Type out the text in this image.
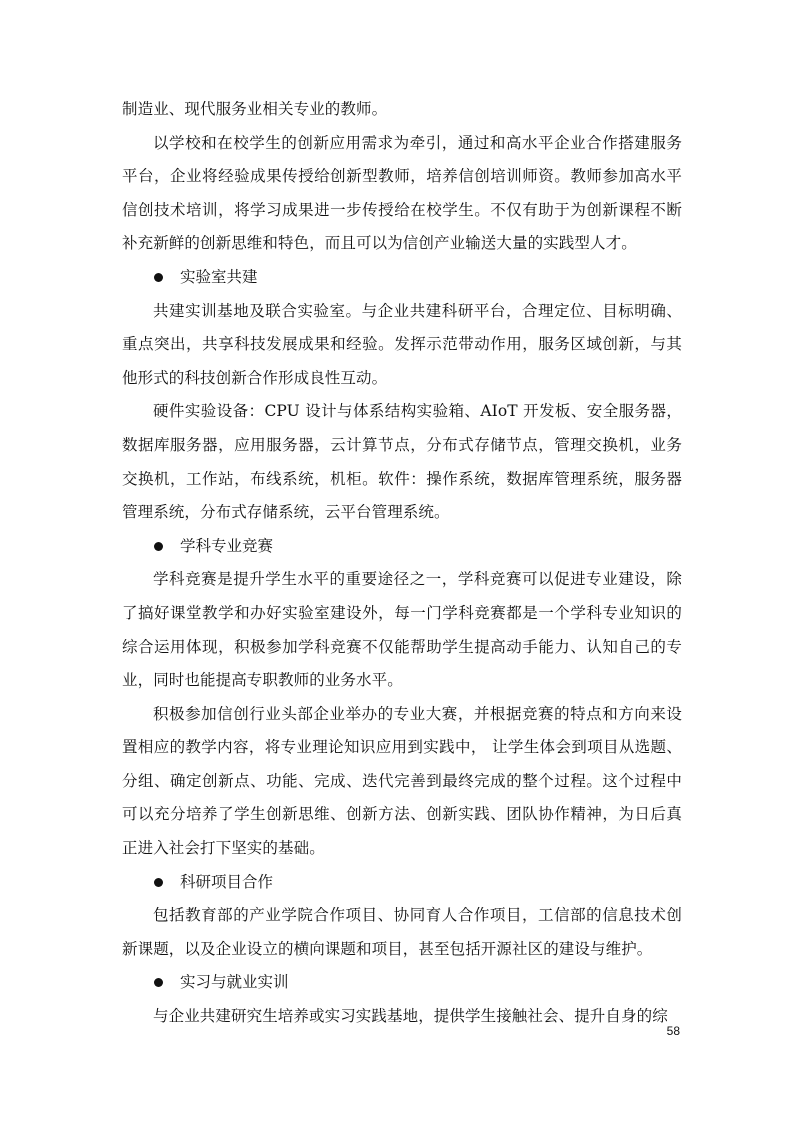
制造业、现代服务业相关专业的教师。

以学校和在校学生的创新应用需求为牵引，通过和高水平企业合作搭建服务平台，企业将经验成果传授给创新型教师，培养信创培训师资。教师参加高水平信创技术培训，将学习成果进一步传授给在校学生。不仅有助于为创新课程不断补充新鲜的创新思维和特色，而且可以为信创产业输送大量的实践型人才。

实验室共建

共建实训基地及联合实验室。与企业共建科研平台，合理定位、目标明确、重点突出，共享科技发展成果和经验。发挥示范带动作用，服务区域创新，与其他形式的科技创新合作形成良性互动。

硬件实验设备：CPU 设计与体系结构实验箱、AIoT 开发板、安全服务器，数据库服务器，应用服务器，云计算节点，分布式存储节点，管理交换机，业务交换机，工作站，布线系统，机柜。软件：操作系统，数据库管理系统，服务器管理系统，分布式存储系统，云平台管理系统。

学科专业竞赛

学科竞赛是提升学生水平的重要途径之一，学科竞赛可以促进专业建设，除了搞好课堂教学和办好实验室建设外，每一门学科竞赛都是一个学科专业知识的综合运用体现，积极参加学科竞赛不仅能帮助学生提高动手能力、认知自己的专业，同时也能提高专职教师的业务水平。

积极参加信创行业头部企业举办的专业大赛，并根据竞赛的特点和方向来设置相应的教学内容，将专业理论知识应用到实践中， 让学生体会到项目从选题、分组、确定创新点、功能、完成、迭代完善到最终完成的整个过程。这个过程中可以充分培养了学生创新思维、创新方法、创新实践、团队协作精神，为日后真正进入社会打下坚实的基础。

科研项目合作

包括教育部的产业学院合作项目、协同育人合作项目，工信部的信息技术创新课题，以及企业设立的横向课题和项目，甚至包括开源社区的建设与维护。

实习与就业实训

与企业共建研究生培养或实习实践基地，提供学生接触社会、提升自身的综

58
